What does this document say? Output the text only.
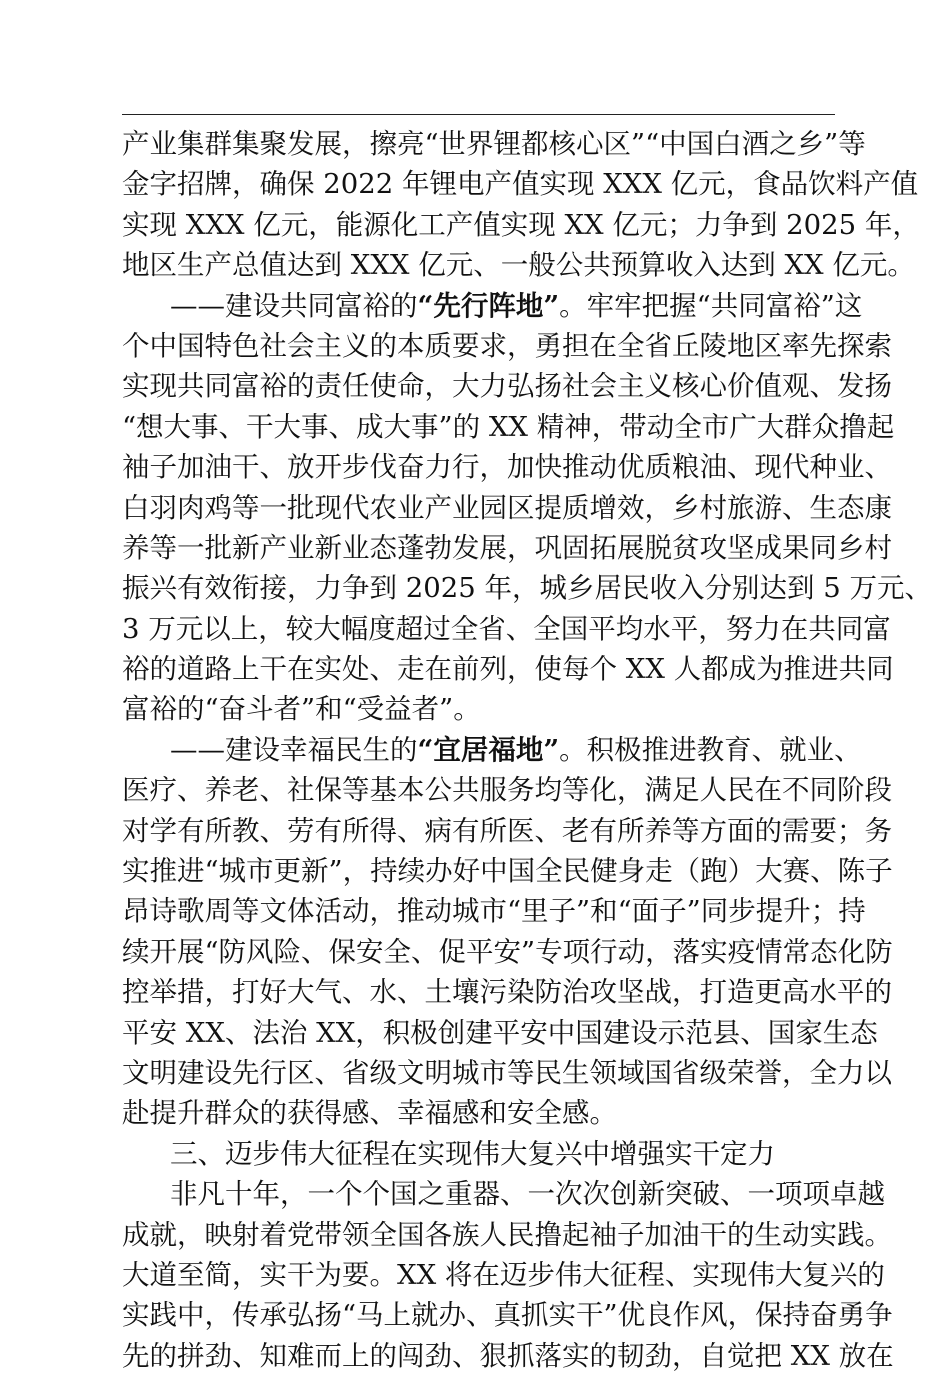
产业集群集聚发展，擦亮“世界锂都核心区”“中国白酒之乡”等
金字招牌，确保 2022 年锂电产值实现 XXX 亿元，食品饮料产值
实现 XXX 亿元，能源化工产值实现 XX 亿元；力争到 2025 年，
地区生产总值达到 XXX 亿元、一般公共预算收入达到 XX 亿元。
——建设共同富裕的“先行阵地”。牢牢把握“共同富裕”这
个中国特色社会主义的本质要求，勇担在全省丘陵地区率先探索
实现共同富裕的责任使命，大力弘扬社会主义核心价值观、发扬
“想大事、干大事、成大事”的 XX 精神，带动全市广大群众撸起
袖子加油干、放开步伐奋力行，加快推动优质粮油、现代种业、
白羽肉鸡等一批现代农业产业园区提质增效，乡村旅游、生态康
养等一批新产业新业态蓬勃发展，巩固拓展脱贫攻坚成果同乡村
振兴有效衔接，力争到 2025 年，城乡居民收入分别达到 5 万元、
3 万元以上，较大幅度超过全省、全国平均水平，努力在共同富
裕的道路上干在实处、走在前列，使每个 XX 人都成为推进共同
富裕的“奋斗者”和“受益者”。
——建设幸福民生的“宜居福地”。积极推进教育、就业、
医疗、养老、社保等基本公共服务均等化，满足人民在不同阶段
对学有所教、劳有所得、病有所医、老有所养等方面的需要；务
实推进“城市更新”，持续办好中国全民健身走（跑）大赛、陈子
昂诗歌周等文体活动，推动城市“里子”和“面子”同步提升；持
续开展“防风险、保安全、促平安”专项行动，落实疫情常态化防
控举措，打好大气、水、土壤污染防治攻坚战，打造更高水平的
平安 XX、法治 XX，积极创建平安中国建设示范县、国家生态
文明建设先行区、省级文明城市等民生领域国省级荣誉，全力以
赴提升群众的获得感、幸福感和安全感。
三、迈步伟大征程在实现伟大复兴中增强实干定力
非凡十年，一个个国之重器、一次次创新突破、一项项卓越
成就，映射着党带领全国各族人民撸起袖子加油干的生动实践。
大道至简，实干为要。XX 将在迈步伟大征程、实现伟大复兴的
实践中，传承弘扬“马上就办、真抓实干”优良作风，保持奋勇争
先的拼劲、知难而上的闯劲、狠抓落实的韧劲，自觉把 XX 放在
